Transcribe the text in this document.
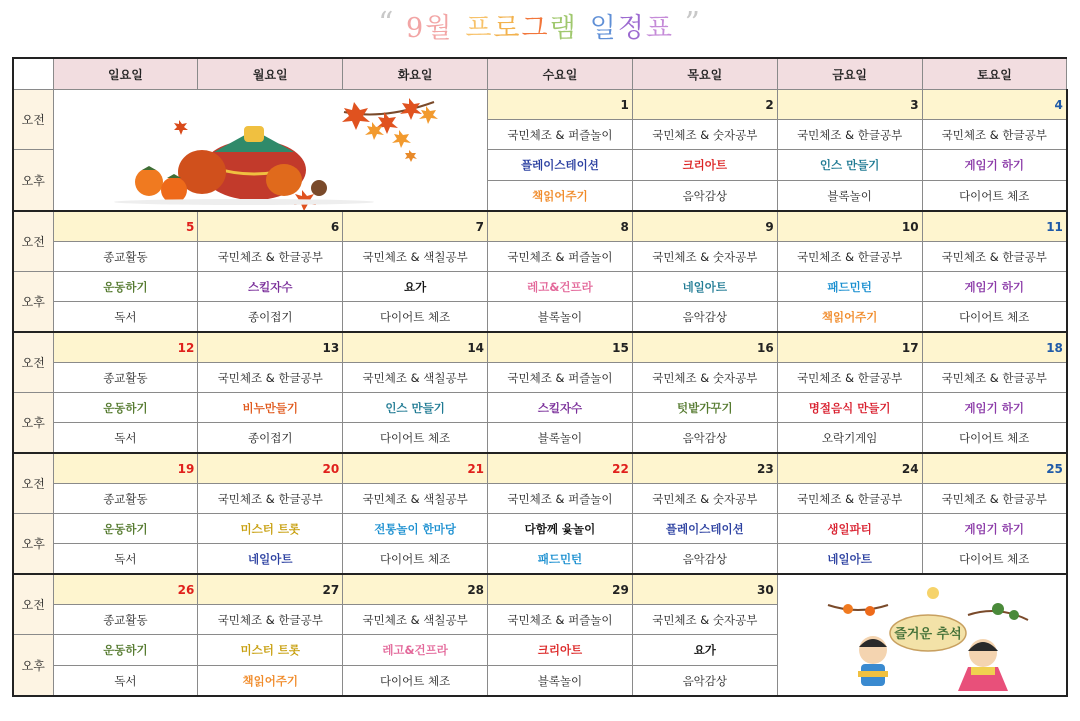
“ 9월 프로그램 일정표 ”
	일요일	월요일	화요일	수요일	목요일	금요일	토요일
오전				1	2	3	4
				국민체조 & 퍼즐놀이	국민체조 & 숫자공부	국민체조 & 한글공부	국민체조 & 한글공부
오후				플레이스테이션	크리아트	인스 만들기	게임기 하기
				책읽어주기	음악감상	블록놀이	다이어트 체조
오전	5	6	7	8	9	10	11
	종교활동	국민체조 & 한글공부	국민체조 & 색칠공부	국민체조 & 퍼즐놀이	국민체조 & 숫자공부	국민체조 & 한글공부	국민체조 & 한글공부
오후	운동하기	스킬자수	요가	레고&건프라	네일아트	패드민턴	게임기 하기
	독서	종이접기	다이어트 체조	블록놀이	음악감상	책읽어주기	다이어트 체조
오전	12	13	14	15	16	17	18
	종교활동	국민체조 & 한글공부	국민체조 & 색칠공부	국민체조 & 퍼즐놀이	국민체조 & 숫자공부	국민체조 & 한글공부	국민체조 & 한글공부
오후	운동하기	비누만들기	인스 만들기	스킬자수	텃밭가꾸기	명절음식 만들기	게임기 하기
	독서	종이접기	다이어트 체조	블록놀이	음악감상	오락기게임	다이어트 체조
오전	19	20	21	22	23	24	25
	종교활동	국민체조 & 한글공부	국민체조 & 색칠공부	국민체조 & 퍼즐놀이	국민체조 & 숫자공부	국민체조 & 한글공부	국민체조 & 한글공부
오후	운동하기	미스터 트롯	전통놀이 한마당	다함께 윷놀이	플레이스테이션	생일파티	게임기 하기
	독서	네일아트	다이어트 체조	패드민턴	음악감상	네일아트	다이어트 체조
오전	26	27	28	29	30	즐거운 추석	

	종교활동	국민체조 & 한글공부	국민체조 & 색칠공부	국민체조 & 퍼즐놀이	국민체조 & 숫자공부		
오후	운동하기	미스터 트롯	레고&건프라	크리아트	요가		
	독서	책읽어주기	다이어트 체조	블록놀이	음악감상		
